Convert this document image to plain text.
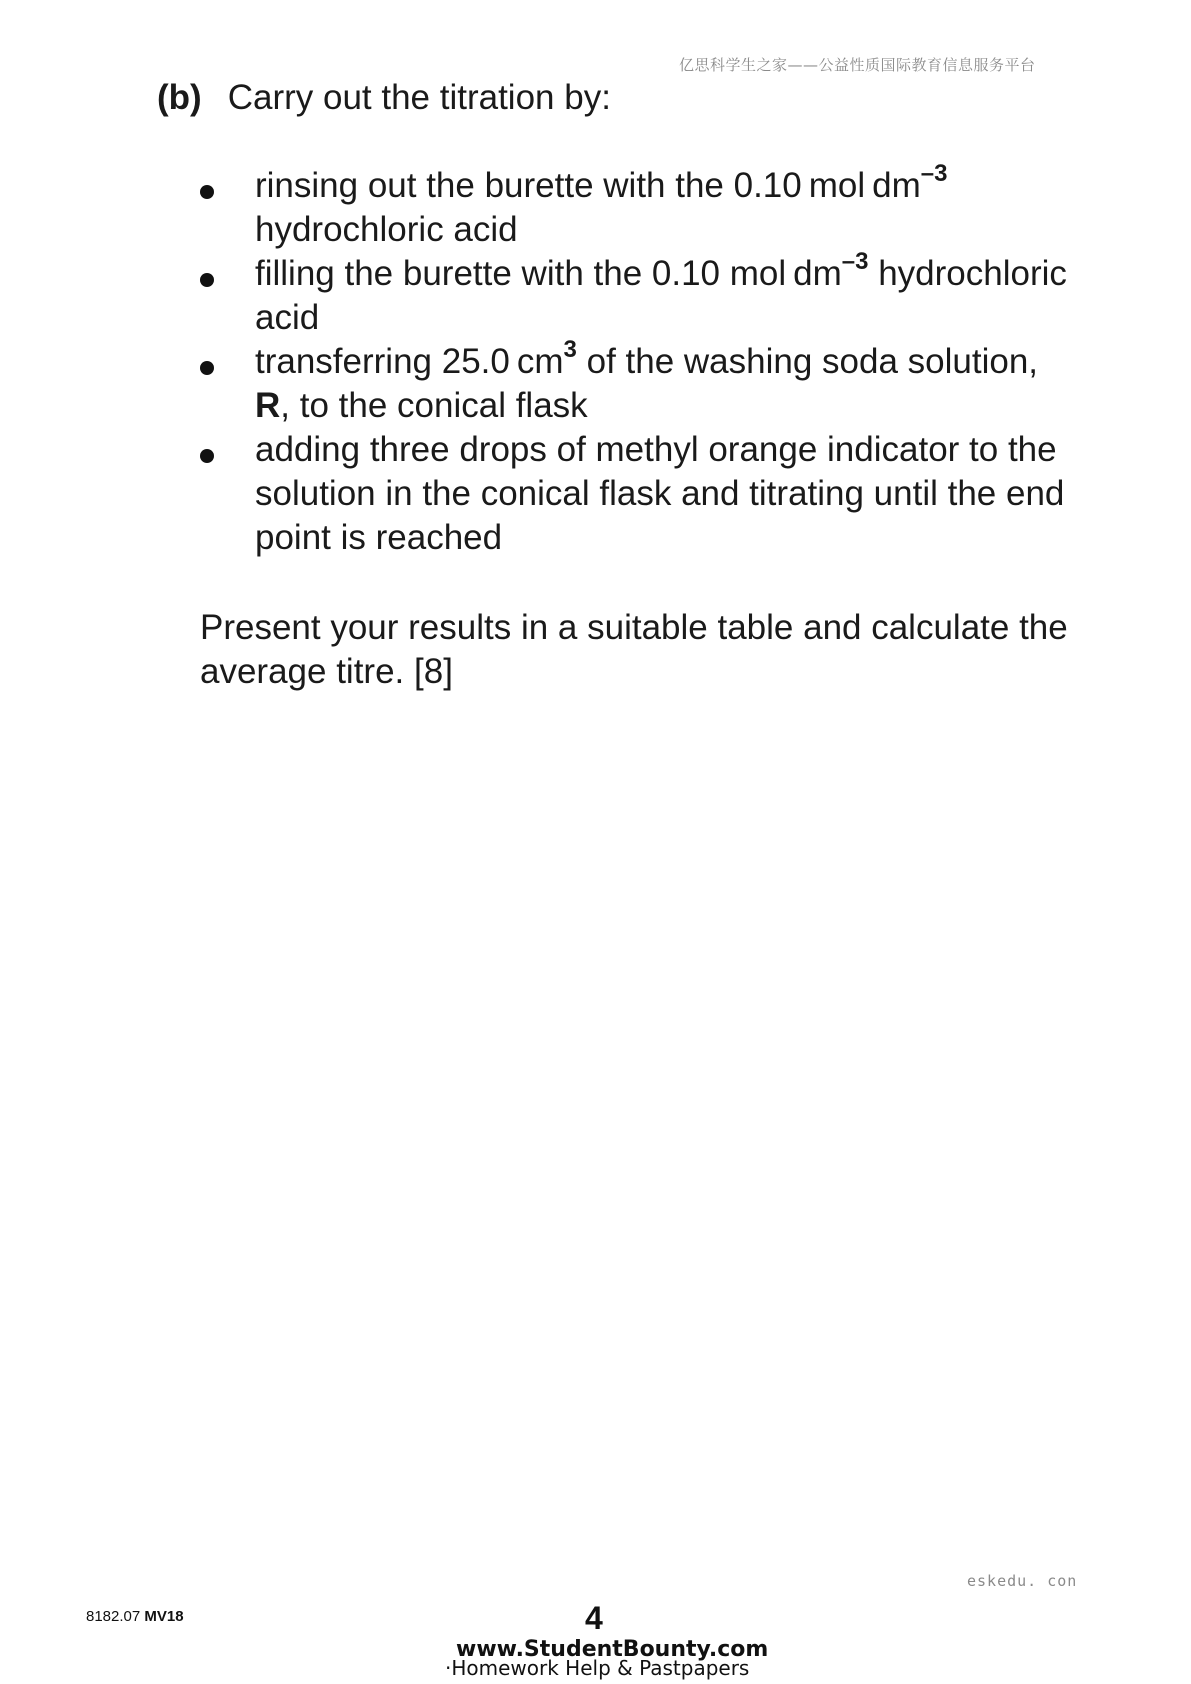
亿思科学生之家——公益性质国际教育信息服务平台
(b) Carry out the titration by:
rinsing out the burette with the 0.10 mol $dm^{-3}$
hydrochloric acid
filling the burette with the 0.10 mol $dm^{-3}$ hydrochloric acid
transferring 25.0 $cm^3$ of the washing soda solution,
R, to the conical flask
adding three drops of methyl orange indicator to the solution in the conical flask and titrating until the end point is reached
Present your results in a suitable table and calculate the average titre. [8]
eskedu. con
8182.07 MV18	4
www.StudentBounty.com
·Homework Help & Pastpapers
